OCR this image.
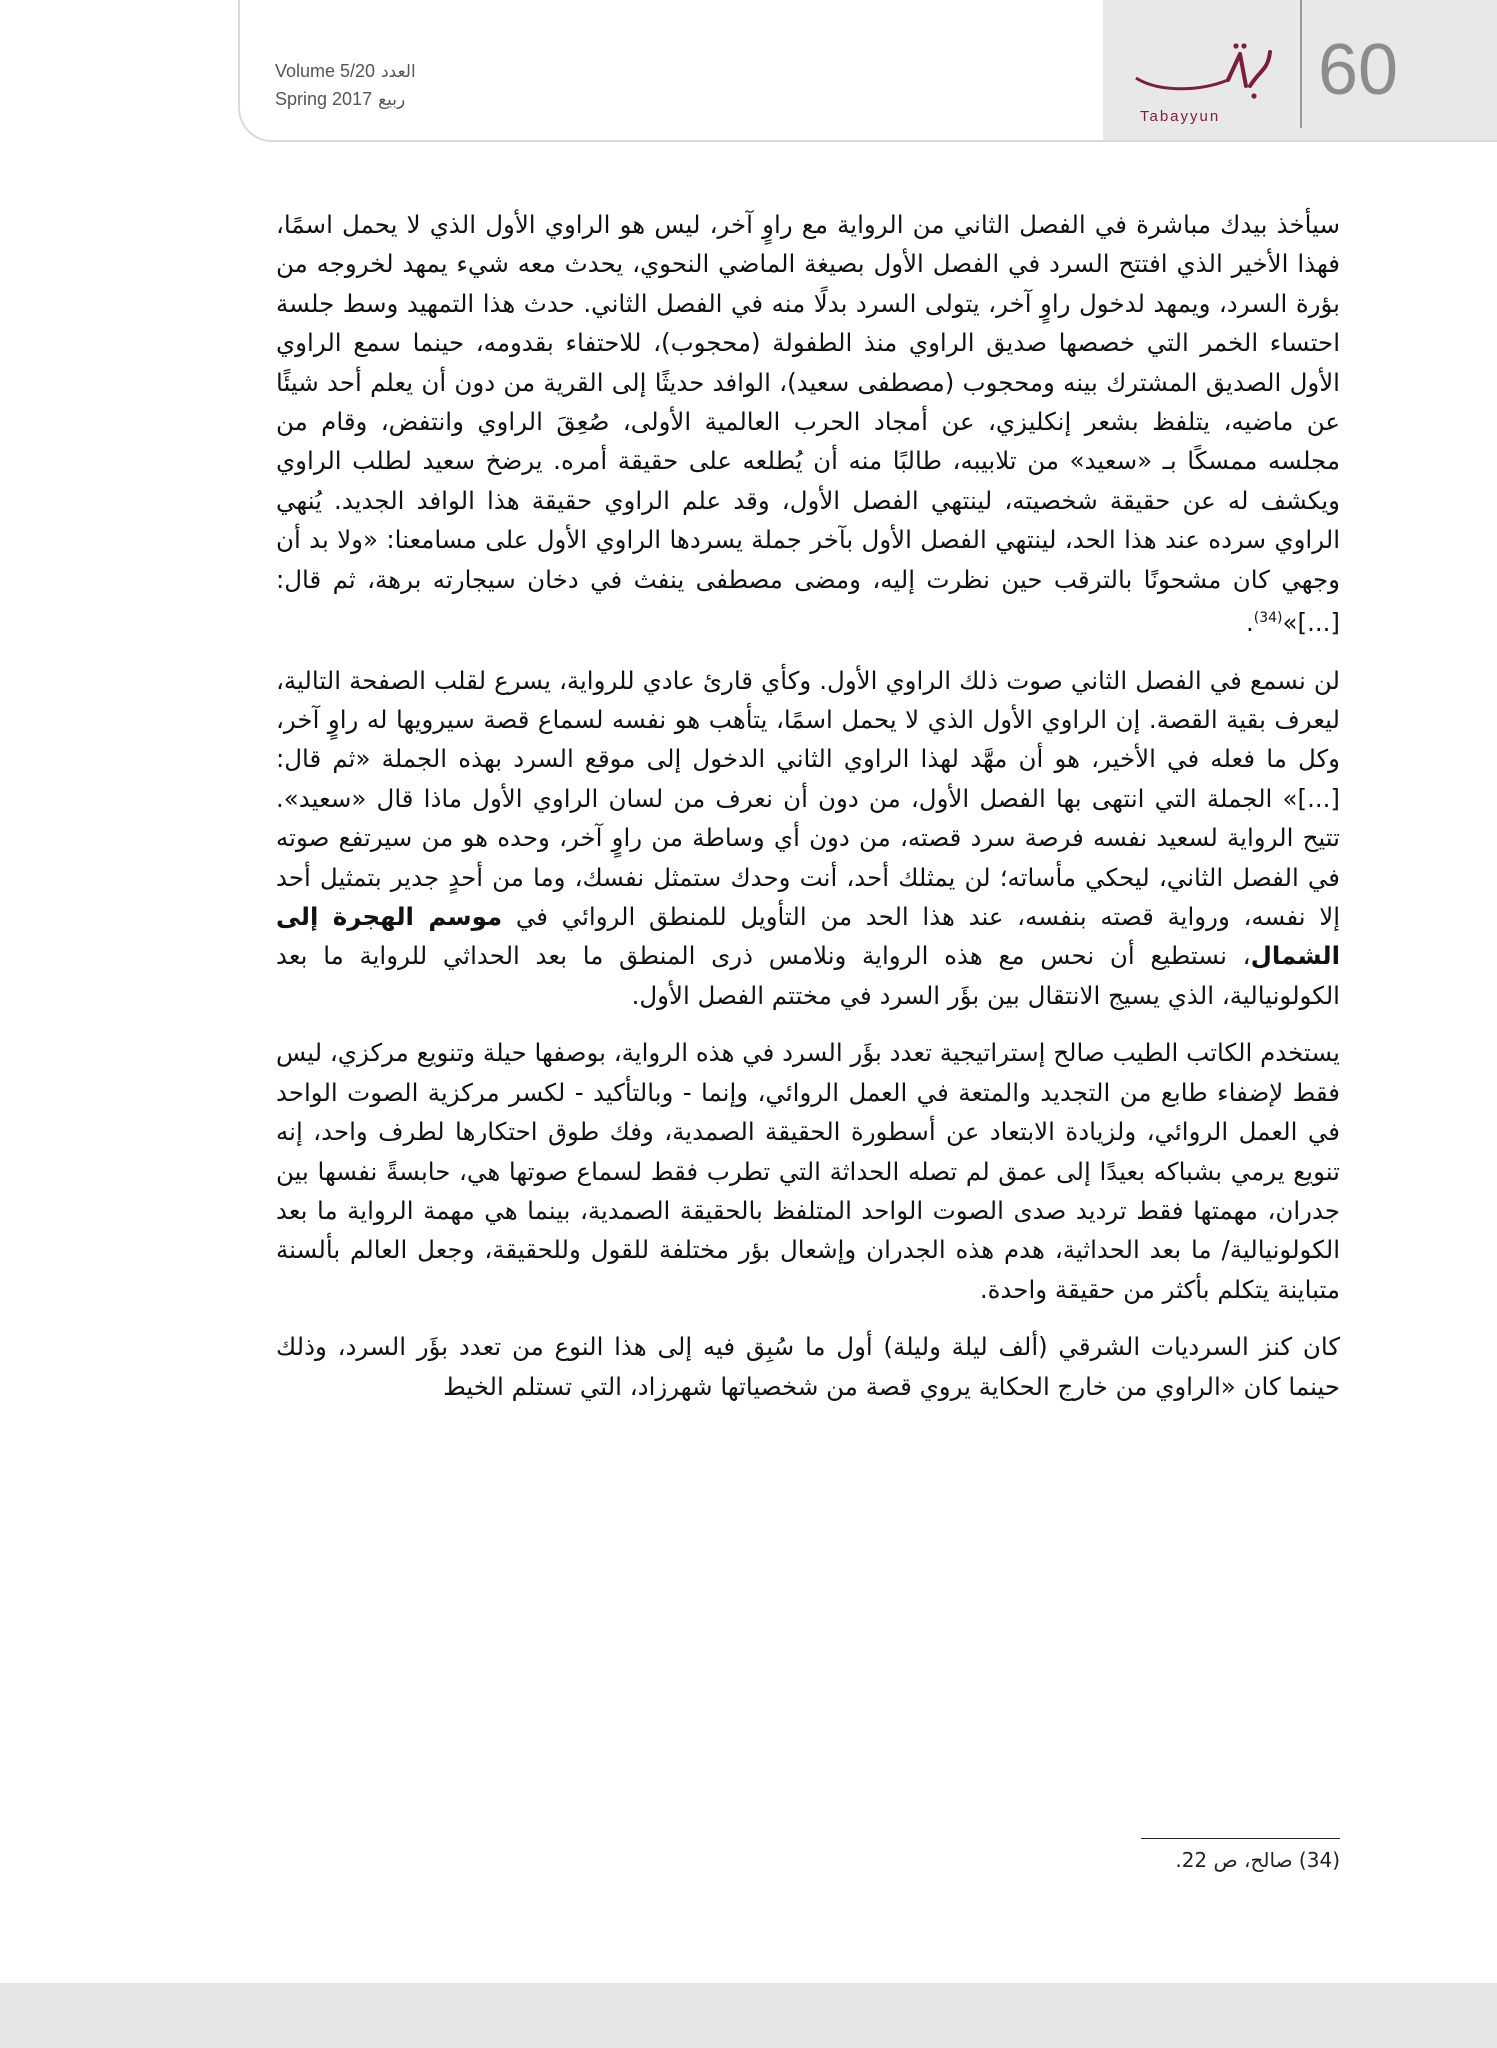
Volume 5/20 العدد
Spring 2017 ربيع
Tabayyun
60

سيأخذ بيدك مباشرة في الفصل الثاني من الرواية مع راوٍ آخر، ليس هو الراوي الأول الذي لا يحمل اسمًا، فهذا الأخير الذي افتتح السرد في الفصل الأول بصيغة الماضي النحوي، يحدث معه شيء يمهد لخروجه من بؤرة السرد، ويمهد لدخول راوٍ آخر، يتولى السرد بدلًا منه في الفصل الثاني. حدث هذا التمهيد وسط جلسة احتساء الخمر التي خصصها صديق الراوي منذ الطفولة (محجوب)، للاحتفاء بقدومه، حينما سمع الراوي الأول الصديق المشترك بينه ومحجوب (مصطفى سعيد)، الوافد حديثًا إلى القرية من دون أن يعلم أحد شيئًا عن ماضيه، يتلفظ بشعر إنكليزي، عن أمجاد الحرب العالمية الأولى، صُعِقَ الراوي وانتفض، وقام من مجلسه ممسكًا بـ «سعيد» من تلابيبه، طالبًا منه أن يُطلعه على حقيقة أمره. يرضخ سعيد لطلب الراوي ويكشف له عن حقيقة شخصيته، لينتهي الفصل الأول، وقد علم الراوي حقيقة هذا الوافد الجديد. يُنهي الراوي سرده عند هذا الحد، لينتهي الفصل الأول بآخر جملة يسردها الراوي الأول على مسامعنا: «ولا بد أن وجهي كان مشحونًا بالترقب حين نظرت إليه، ومضى مصطفى ينفث في دخان سيجارته برهة، ثم قال: [...]»$^{(34)}$.

لن نسمع في الفصل الثاني صوت ذلك الراوي الأول. وكأي قارئ عادي للرواية، يسرع لقلب الصفحة التالية، ليعرف بقية القصة. إن الراوي الأول الذي لا يحمل اسمًا، يتأهب هو نفسه لسماع قصة سيرويها له راوٍ آخر، وكل ما فعله في الأخير، هو أن مهَّد لهذا الراوي الثاني الدخول إلى موقع السرد بهذه الجملة «ثم قال: [...]» الجملة التي انتهى بها الفصل الأول، من دون أن نعرف من لسان الراوي الأول ماذا قال «سعيد». تتيح الرواية لسعيد نفسه فرصة سرد قصته، من دون أي وساطة من راوٍ آخر، وحده هو من سيرتفع صوته في الفصل الثاني، ليحكي مأساته؛ لن يمثلك أحد، أنت وحدك ستمثل نفسك، وما من أحدٍ جدير بتمثيل أحد إلا نفسه، ورواية قصته بنفسه، عند هذا الحد من التأويل للمنطق الروائي في موسم الهجرة إلى الشمال، نستطيع أن نحس مع هذه الرواية ونلامس ذرى المنطق ما بعد الحداثي للرواية ما بعد الكولونيالية، الذي يسيج الانتقال بين بؤَر السرد في مختتم الفصل الأول.

يستخدم الكاتب الطيب صالح إستراتيجية تعدد بؤَر السرد في هذه الرواية، بوصفها حيلة وتنويع مركزي، ليس فقط لإضفاء طابع من التجديد والمتعة في العمل الروائي، وإنما - وبالتأكيد - لكسر مركزية الصوت الواحد في العمل الروائي، ولزيادة الابتعاد عن أسطورة الحقيقة الصمدية، وفك طوق احتكارها لطرف واحد، إنه تنويع يرمي بشباكه بعيدًا إلى عمق لم تصله الحداثة التي تطرب فقط لسماع صوتها هي، حابسةً نفسها بين جدران، مهمتها فقط ترديد صدى الصوت الواحد المتلفظ بالحقيقة الصمدية، بينما هي مهمة الرواية ما بعد الكولونيالية/ ما بعد الحداثية، هدم هذه الجدران وإشعال بؤر مختلفة للقول وللحقيقة، وجعل العالم بألسنة متباينة يتكلم بأكثر من حقيقة واحدة.

كان كنز السرديات الشرقي (ألف ليلة وليلة) أول ما سُبِق فيه إلى هذا النوع من تعدد بؤَر السرد، وذلك حينما كان «الراوي من خارج الحكاية يروي قصة من شخصياتها شهرزاد، التي تستلم الخيط

(34) صالح، ص 22.
